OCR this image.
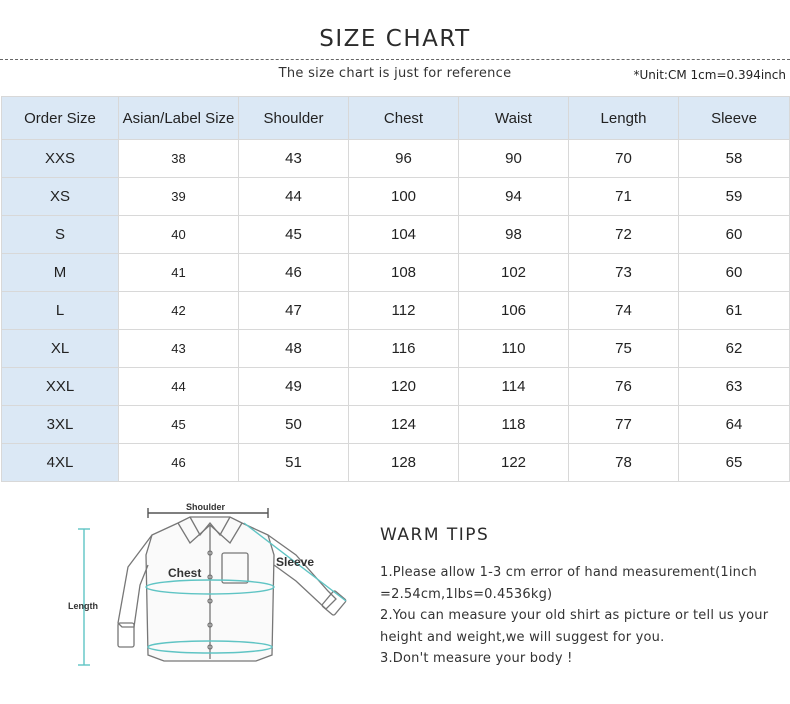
SIZE CHART
The size chart is just for reference	*Unit:CM 1cm=0.394inch
Order Size	Asian/Label Size	Shoulder	Chest	Waist	Length	Sleeve
XXS	38	43	96	90	70	58
XS	39	44	100	94	71	59
S	40	45	104	98	72	60
M	41	46	108	102	73	60
L	42	47	112	106	74	61
XL	43	48	116	110	75	62
XXL	44	49	120	114	76	63
3XL	45	50	124	118	77	64
4XL	46	51	128	122	78	65
Shoulder
Chest
Sleeve
Length
WARM TIPS
1.Please allow 1-3 cm error of hand measurement(1inch
=2.54cm,1lbs=0.4536kg)
2.You can measure your old shirt as picture or tell us your
height and weight,we will suggest for you.
3.Don't measure your body !
